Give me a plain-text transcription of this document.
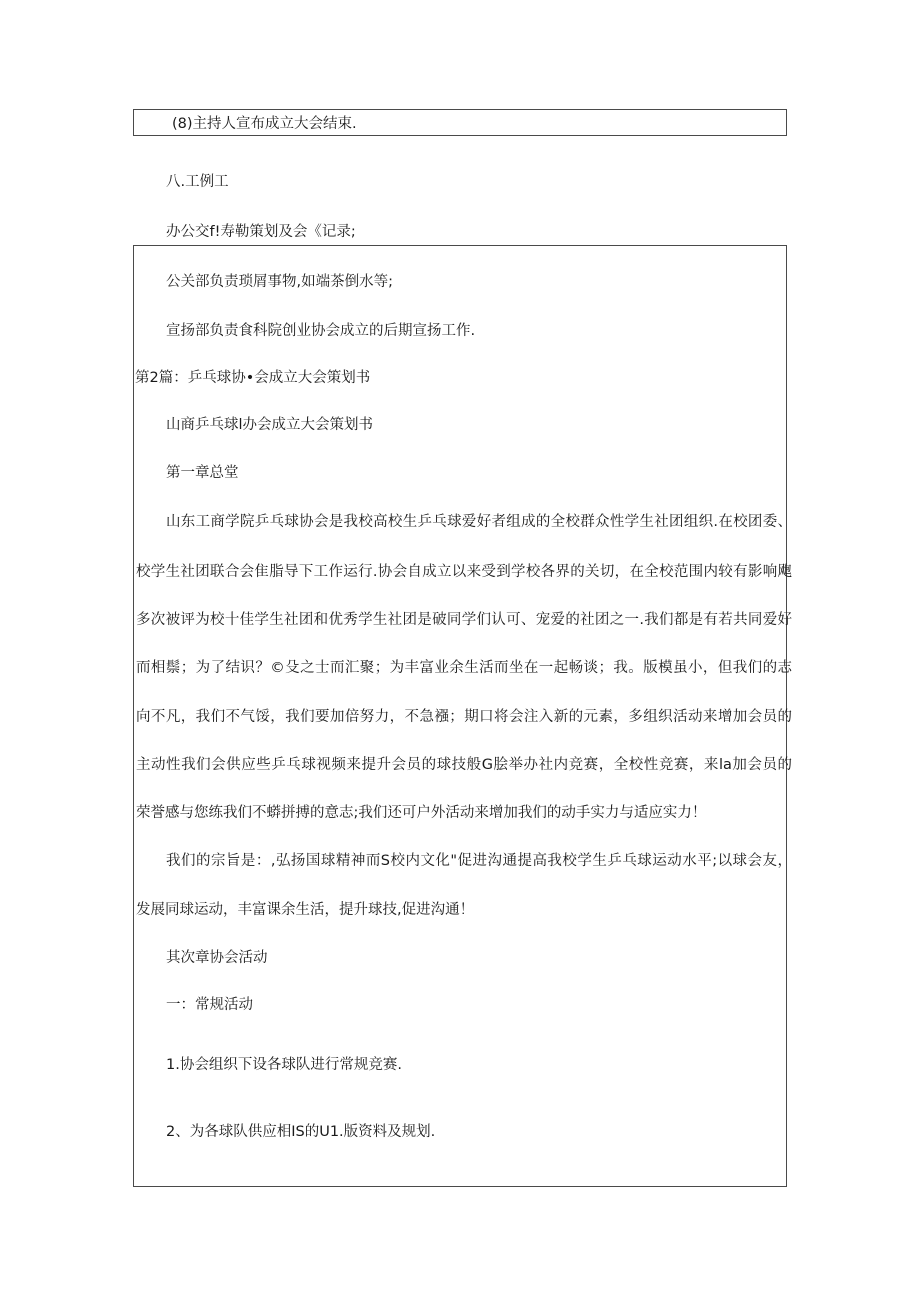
(8)主持人宣布成立大会结束.
八.工例工
办公交f!寿勒策划及会《记录;
公关部负责琐屑事物,如端茶倒水等;
宣扬部负责食科院创业协会成立的后期宣扬工作.
第2篇：乒乓球协•会成立大会策划书
山商乒乓球l办会成立大会策划书
第一章总堂
山东工商学院乒乓球协会是我校高校生乒乓球爱好者组成的全校群众性学生社团组织.在校团委、
校学生社团联合会隹脂导下工作运行.协会自成立以来受到学校各界的关切，在全校范围内较有影响飑
多次被评为校十佳学生社团和优秀学生社团是破同学们认可、宠爱的社团之一.我们都是有若共同爱好
而相鬃；为了结识？©殳之士而汇聚；为丰富业余生活而坐在一起畅谈；我。版模虽小，但我们的志
向不凡，我们不气馁，我们要加倍努力，不急襁；期口将会注入新的元素，多组织活动来增加会员的
主动性我们会供应些乒乓球视频来提升会员的球技般G脍举办社内竞赛，全校性竞赛，来la加会员的
荣誉感与您练我们不蟒拼搏的意志;我们还可户外活动来增加我们的动手实力与适应实力！
我们的宗旨是：,弘扬国球精神而S校内文化"促进沟通提高我校学生乒乓球运动水平;以球会友，
发展同球运动，丰富课余生活，提升球技,促进沟通！
其次章协会活动
一：常规活动
1.协会组织下设各球队进行常规竞赛.
2、为各球队供应相IS的U1.版资料及规划.
